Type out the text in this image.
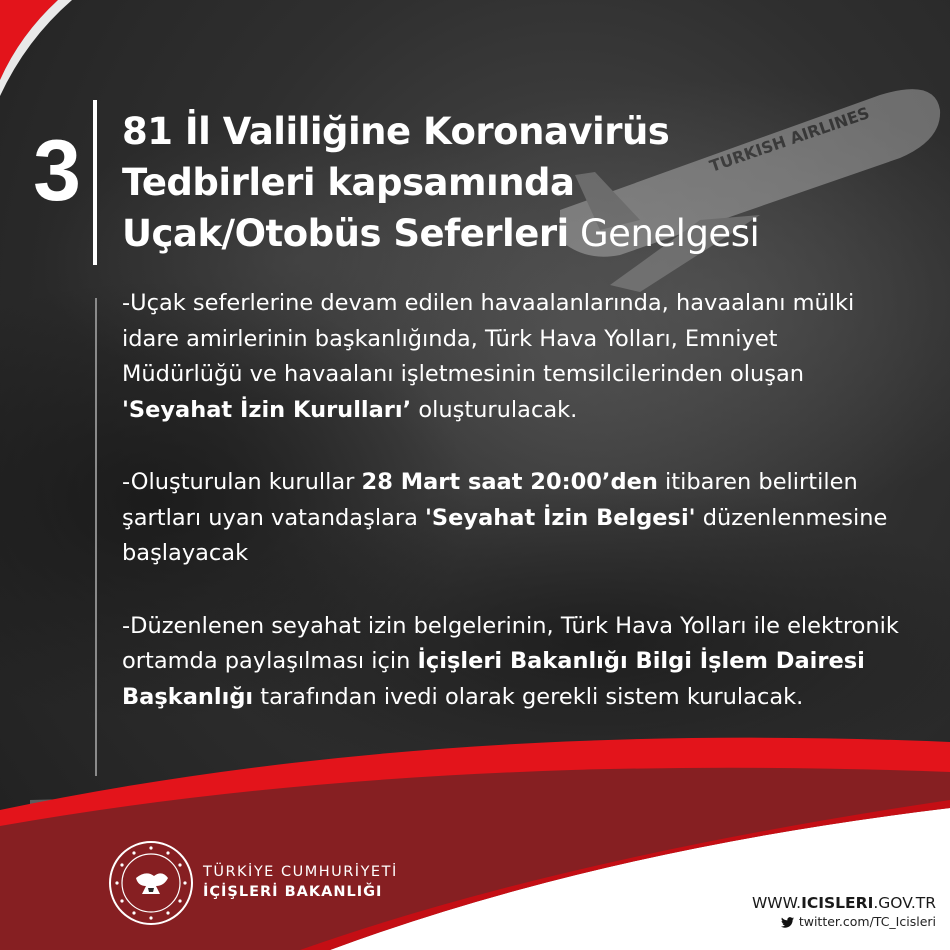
TURKISH AIRLINES
3 81 İl Valiliğine Koronavirüs
Tedbirleri kapsamında
Uçak/Otobüs Seferleri Genelgesi

-Uçak seferlerine devam edilen havaalanlarında, havaalanı mülki idare amirlerinin başkanlığında, Türk Hava Yolları, Emniyet Müdürlüğü ve havaalanı işletmesinin temsilcilerinden oluşan 'Seyahat İzin Kurulları’ oluşturulacak.

-Oluşturulan kurullar 28 Mart saat 20:00’den itibaren belirtilen şartları uyan vatandaşlara 'Seyahat İzin Belgesi' düzenlenmesine başlayacak

-Düzenlenen seyahat izin belgelerinin, Türk Hava Yolları ile elektronik ortamda paylaşılması için İçişleri Bakanlığı Bilgi İşlem Dairesi Başkanlığı tarafından ivedi olarak gerekli sistem kurulacak.

TÜRKİYE CUMHURİYETİ
İÇİŞLERİ BAKANLIĞI
WWW.ICISLERI.GOV.TR
twitter.com/TC_Icisleri
